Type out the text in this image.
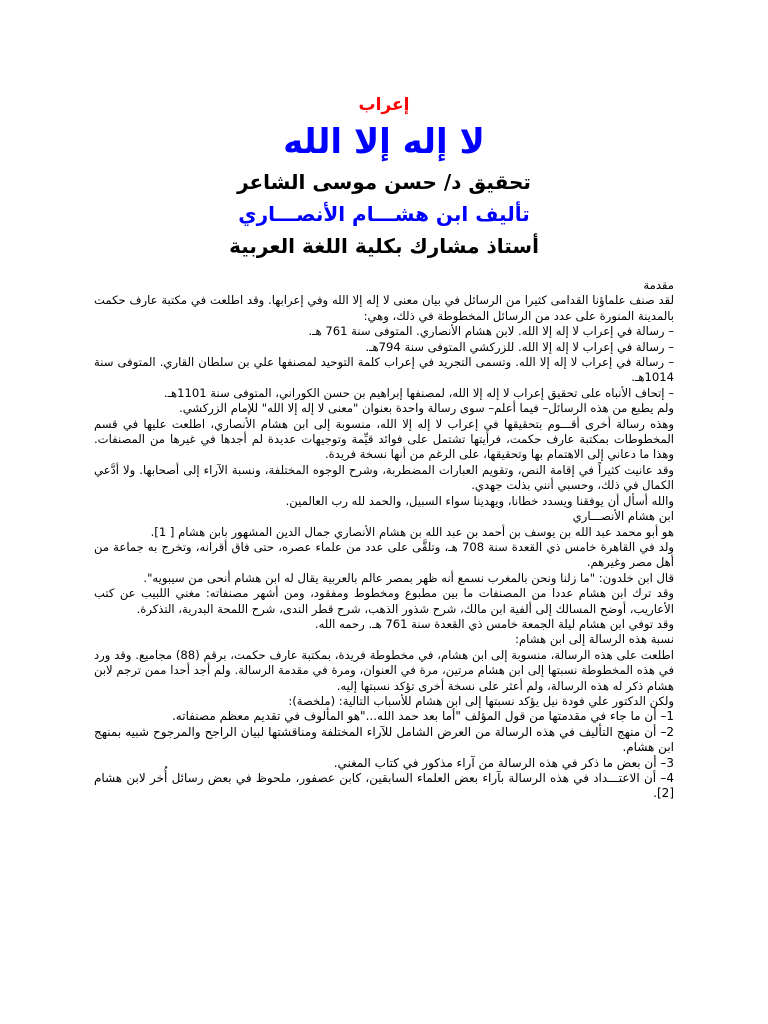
إعراب
لا إله إلا الله
تحقيق د/ حسن موسى الشاعر
تأليف ابن هشـــام الأنصـــاري
أستاذ مشارك بكلية اللغة العربية

مقدمة

لقد صنف علماؤنا القدامى كثيرا من الرسائل في بيان معنى لا إله إلا الله وفي إعرابها. وقد اطلعت في مكتبة عارف حكمت بالمدينة المنورة على عدد من الرسائل المخطوطة في ذلك، وهي:

– رسالة في إعراب لا إله إلا الله. لابن هشام الأنصاري. المتوفى سنة 761 هـ.

– رسالة في إعراب لا إله إلا الله. للزركشي المتوفى سنة 794هـ.

– رسالة في إعراب لا إله إلا الله. وتسمى التجريد في إعراب كلمة التوحيد لمصنفها علي بن سلطان القاري. المتوفى سنة 1014هـ.

– إتحاف الأنباه على تحقيق إعراب لا إله إلا الله، لمصنفها إبراهيم بن حسن الكوراني، المتوفى سنة 1101هـ.

ولم يطبع من هذه الرسائل– فيما أعلم– سوى رسالة واحدة بعنوان "معنى لا إله إلا الله" للإمام الزركشي.

وهذه رسالة أخرى أقـــوم بتحقيقها في إعراب لا إله إلا الله، منسوبة إلى ابن هشام الأنصاري، اطلعت عليها في قسم المخطوطات بمكتبة عارف حكمت، فرأيتها تشتمل على فوائد قيِّمة وتوجيهات عديدة لم أجدها في غيرها من المصنفات. وهذا ما دعاني إلى الاهتمام بها وتحقيقها، على الرغم من أنها نسخة فريدة.

وقد عانيت كثيراً في إقامة النص، وتقويم العبارات المضطربة، وشرح الوجوه المختلفة، ونسبة الآراء إلى أصحابها. ولا أدَّعي الكمال في ذلك، وحسبي أنني بذلت جهدي.

والله أسأل أن يوفقنا ويسدد خطانا، ويهدينا سواء السبيل، والحمد لله رب العالمين.

ابن هشام الأنصـــاري

هو أبو محمد عبد الله بن يوسف بن أحمد بن عبد الله بن هشام الأنصاري جمال الدين المشهور بابن هشام [ 1].

ولد في القاهرة خامس ذي القعدة سنة 708 هـ، وتلقَّى على عدد من علماء عصره، حتى فاق أقرانه، وتخرج به جماعة من أهل مصر وغيرهم.

قال ابن خلدون: "ما زلنا ونحن بالمغرب نسمع أنه ظهر بمصر عالم بالعربية يقال له ابن هشام أنحى من سيبويه".

وقد ترك ابن هشام عددا من المصنفات ما بين مطبوع ومخطوط ومفقود، ومن أشهر مصنفاته: مغني اللبيب عن كتب الأعاريب، أوضح المسالك إلى ألفية ابن مالك، شرح شذور الذهب، شرح قطر الندى، شرح اللمحة البدرية، التذكرة.

وقد توفي ابن هشام ليلة الجمعة خامس ذي القعدة سنة 761 هـ. رحمه الله.

نسبة هذه الرسالة إلى ابن هشام:

اطلعت على هذه الرسالة، منسوبة إلى ابن هشام، في مخطوطة فريدة، بمكتبة عارف حكمت، برقم (88) مجاميع. وقد ورد في هذه المخطوطة نسبتها إلى ابن هشام مرتين، مرة في العنوان، ومرة في مقدمة الرسالة. ولم أجد أحدا ممن ترجم لابن هشام ذكر له هذه الرسالة، ولم أعثر على نسخة أخرى تؤكد نسبتها إليه.

ولكن الدكتور علي فودة نيل يؤكد نسبتها إلى ابن هشام للأسباب التالية: (ملخصة):

1– أن ما جاء في مقدمتها من قول المؤلف "أما بعد حمد الله..."هو المألوف في تقديم معظم مصنفاته.

2– أن منهج التأليف في هذه الرسالة من العرض الشامل للآراء المختلفة ومناقشتها لبيان الراجح والمرجوح شبيه بمنهج ابن هشام.

3– أن بعض ما ذكر في هذه الرسالة من آراء مذكور في كتاب المغني.

4– أن الاعتـــداد في هذه الرسالة بآراء بعض العلماء السابقين، كابن عصفور، ملحوظ في بعض رسائل أُخر لابن هشام [2].
